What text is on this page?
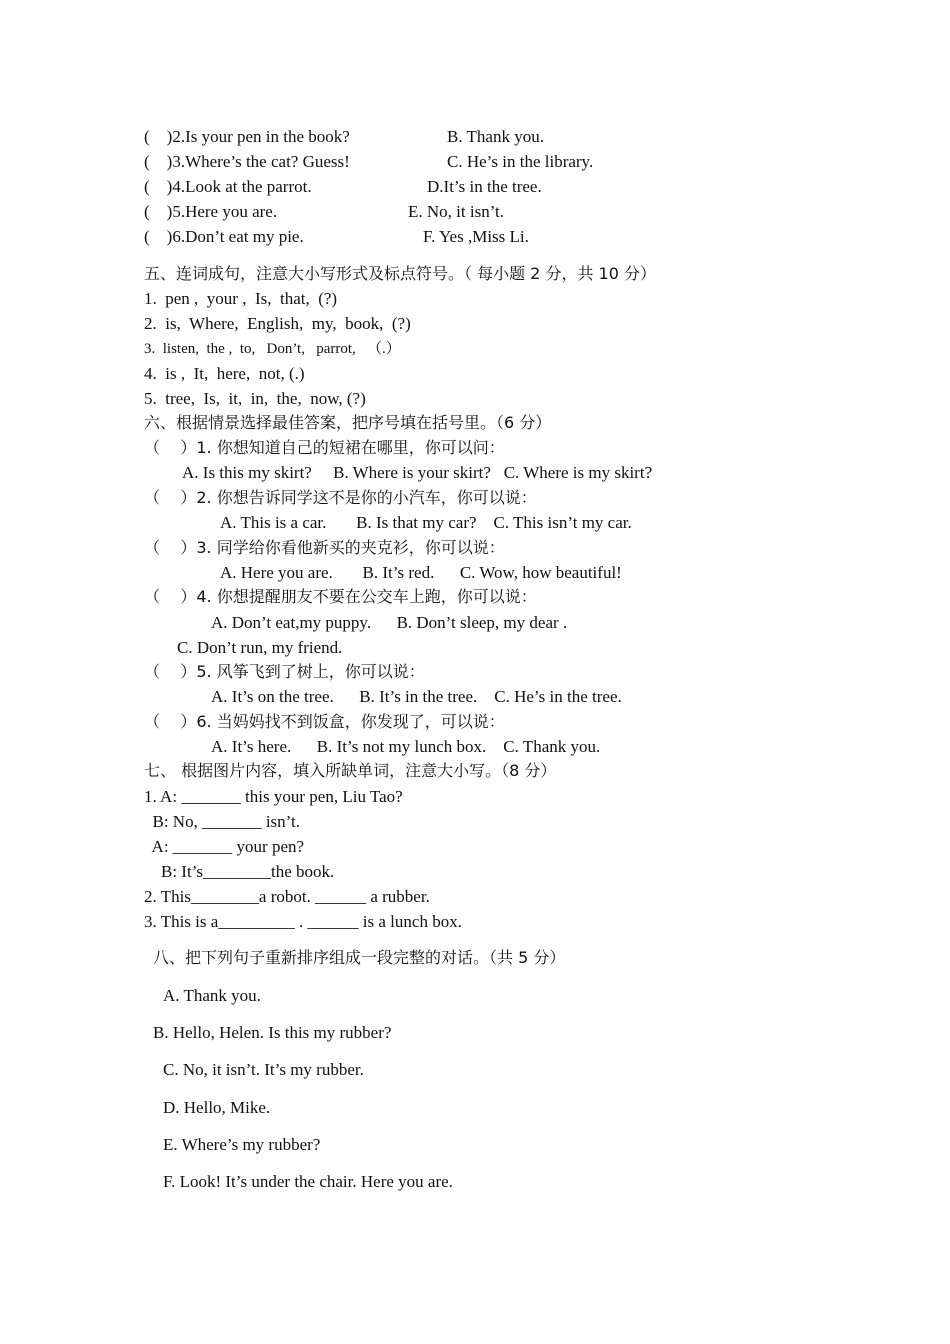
(    )2.Is your pen in the book?	B. Thank you.
(    )3.Where’s the cat? Guess!	C. He’s in the library.
(    )4.Look at the parrot.	D.It’s in the tree.
(    )5.Here you are.	E. No, it isn’t.
(    )6.Don’t eat my pie.	F. Yes ,Miss Li.
五、连词成句，注意大小写形式及标点符号。（ 每小题 2 分，共 10 分）
1.  pen ,  your ,  Is,  that,  (?)
2.  is,  Where,  English,  my,  book,  (?)
3.  listen,  the ,  to,   Don’t,   parrot,   （.）
4.  is ,  It,  here,  not, (.)
5.  tree,  Is,  it,  in,  the,  now, (?)
六、根据情景选择最佳答案，把序号填在括号里。（6 分）
（    ）1. 你想知道自己的短裙在哪里，你可以问：
A. Is this my skirt?     B. Where is your skirt?   C. Where is my skirt?
（    ）2. 你想告诉同学这不是你的小汽车，你可以说：
A. This is a car.       B. Is that my car?    C. This isn’t my car.
（    ）3. 同学给你看他新买的夹克衫，你可以说：
A. Here you are.       B. It’s red.      C. Wow, how beautiful!
（    ）4. 你想提醒朋友不要在公交车上跑，你可以说：
A. Don’t eat,my puppy.      B. Don’t sleep, my dear .
C. Don’t run, my friend.
（    ）5. 风筝飞到了树上，你可以说：
A. It’s on the tree.      B. It’s in the tree.    C. He’s in the tree.
（    ）6. 当妈妈找不到饭盒，你发现了，可以说：
A. It’s here.      B. It’s not my lunch box.    C. Thank you.
七、 根据图片内容，填入所缺单词，注意大小写。（8 分）
1. A: _______ this your pen, Liu Tao?
B: No, _______ isn’t.
A: _______ your pen?
B: It’s________the book.
2. This________a robot. ______ a rubber.
3. This is a_________ . ______ is a lunch box.
八、把下列句子重新排序组成一段完整的对话。（共 5 分）
A. Thank you.
B. Hello, Helen. Is this my rubber?
C. No, it isn’t. It’s my rubber.
D. Hello, Mike.
E. Where’s my rubber?
F. Look! It’s under the chair. Here you are.
